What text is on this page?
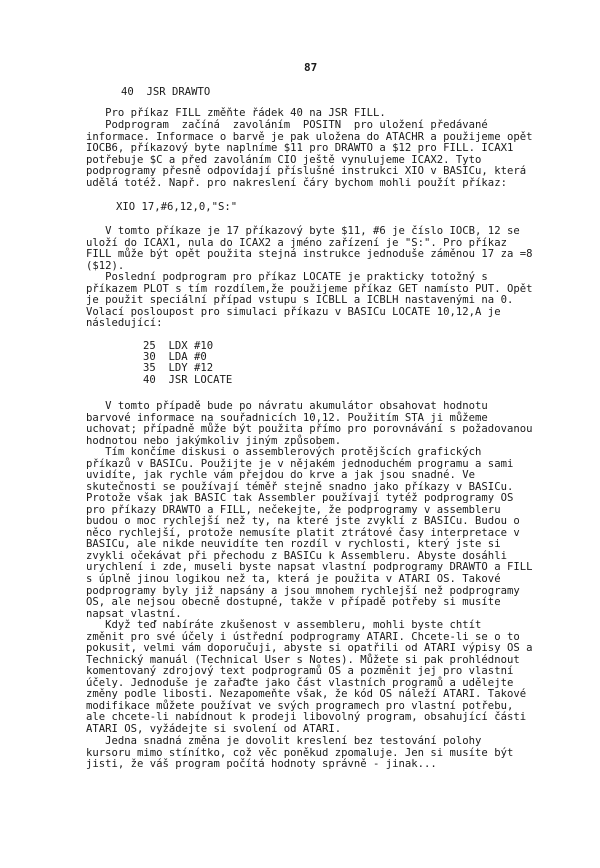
87
40  JSR DRAWTO
Pro příkaz FILL změňte řádek 40 na JSR FILL.
Podprogram  začíná  zavoláním  POSITN  pro uložení předávané
informace. Informace o barvě je pak uložena do ATACHR a použijeme opět
IOCB6, příkazový byte naplníme $11 pro DRAWTO a $12 pro FILL. ICAX1
potřebuje $C a před zavoláním CIO ještě vynulujeme ICAX2. Tyto
podprogramy přesně odpovídají příslušné instrukci XIO v BASICu, která
udělá totéž. Např. pro nakreslení čáry bychom mohli použít příkaz:
XIO 17,#6,12,0,"S:"
V tomto příkaze je 17 příkazový byte $11, #6 je číslo IOCB, 12 se
uloží do ICAX1, nula do ICAX2 a jméno zařízení je "S:". Pro příkaz
FILL může být opět použita stejná instrukce jednoduše záměnou 17 za =8
($12).
Poslední podprogram pro příkaz LOCATE je prakticky totožný s
příkazem PLOT s tím rozdílem,že použijeme příkaz GET namísto PUT. Opět
je použit speciální případ vstupu s ICBLL a ICBLH nastavenými na 0.
Volací posloupost pro simulaci příkazu v BASICu LOCATE 10,12,A je
následující:
25  LDX #10
30  LDA #0
35  LDY #12
40  JSR LOCATE
V tomto případě bude po návratu akumulátor obsahovat hodnotu
barvové informace na souřadnicích 10,12. Použitím STA ji můžeme
uchovat; případně může být použita přímo pro porovnávání s požadovanou
hodnotou nebo jakýmkoliv jiným způsobem.
Tím končíme diskusi o assemblerových protějšcích grafických
příkazů v BASICu. Použijte je v nějakém jednoduchém programu a sami
uvidíte, jak rychle vám přejdou do krve a jak jsou snadné. Ve
skutečnosti se používají téměř stejně snadno jako příkazy v BASICu.
Protože však jak BASIC tak Assembler používají tytéž podprogramy OS
pro příkazy DRAWTO a FILL, nečekejte, že podprogramy v assembleru
budou o moc rychlejší než ty, na které jste zvyklí z BASICu. Budou o
něco rychlejší, protože nemusíte platit ztrátové časy interpretace v
BASICu, ale nikde neuvidíte ten rozdíl v rychlosti, který jste si
zvykli očekávat při přechodu z BASICu k Assembleru. Abyste dosáhli
urychlení i zde, museli byste napsat vlastní podprogramy DRAWTO a FILL
s úplně jinou logikou než ta, která je použita v ATARI OS. Takové
podprogramy byly již napsány a jsou mnohem rychlejší než podprogramy
OS, ale nejsou obecně dostupné, takže v případě potřeby si musíte
napsat vlastní.
Když teď nabíráte zkušenost v assembleru, mohli byste chtít
změnit pro své účely i ústřední podprogramy ATARI. Chcete-li se o to
pokusit, velmi vám doporučuji, abyste si opatřili od ATARI výpisy OS a
Technický manuál (Technical User s Notes). Můžete si pak prohlédnout
komentovaný zdrojový text podprogramů OS a pozměnit jej pro vlastní
účely. Jednoduše je zařaďte jako část vlastních programů a udělejte
změny podle libosti. Nezapomeňte však, že kód OS náleží ATARI. Takové
modifikace můžete používat ve svých programech pro vlastní potřebu,
ale chcete-li nabídnout k prodeji libovolný program, obsahující části
ATARI OS, vyžádejte si svolení od ATARI.
Jedna snadná změna je dovolit kreslení bez testování polohy
kursoru mimo stínítko, což věc poněkud zpomaluje. Jen si musíte být
jisti, že váš program počítá hodnoty správně - jinak...
